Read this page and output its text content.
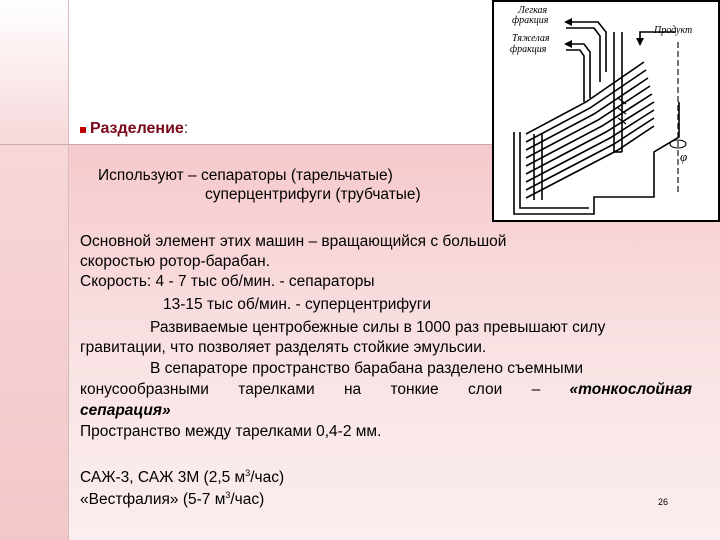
Легкая
фракция
Тяжелая
фракция
Продукт
φ
Разделение:
Используют – сепараторы (тарельчатые)
суперцентрифуги (трубчатые)
Основной элемент этих машин – вращающийся с большой
скоростью ротор-барабан.
Скорость: 4 - 7 тыс об/мин. - сепараторы
13-15 тыс об/мин. - суперцентрифуги
Развиваемые центробежные силы в 1000 раз превышают силу
гравитации, что позволяет разделять стойкие эмульсии.
В сепараторе пространство барабана разделено съемными
конусообразными тарелками на тонкие слои – «тонкослойная
сепарация»
Пространство между тарелками 0,4-2 мм.
САЖ-3, САЖ 3М (2,5 $м^3/час$)
«Вестфалия» (5-7 $м^3/час$)	26
